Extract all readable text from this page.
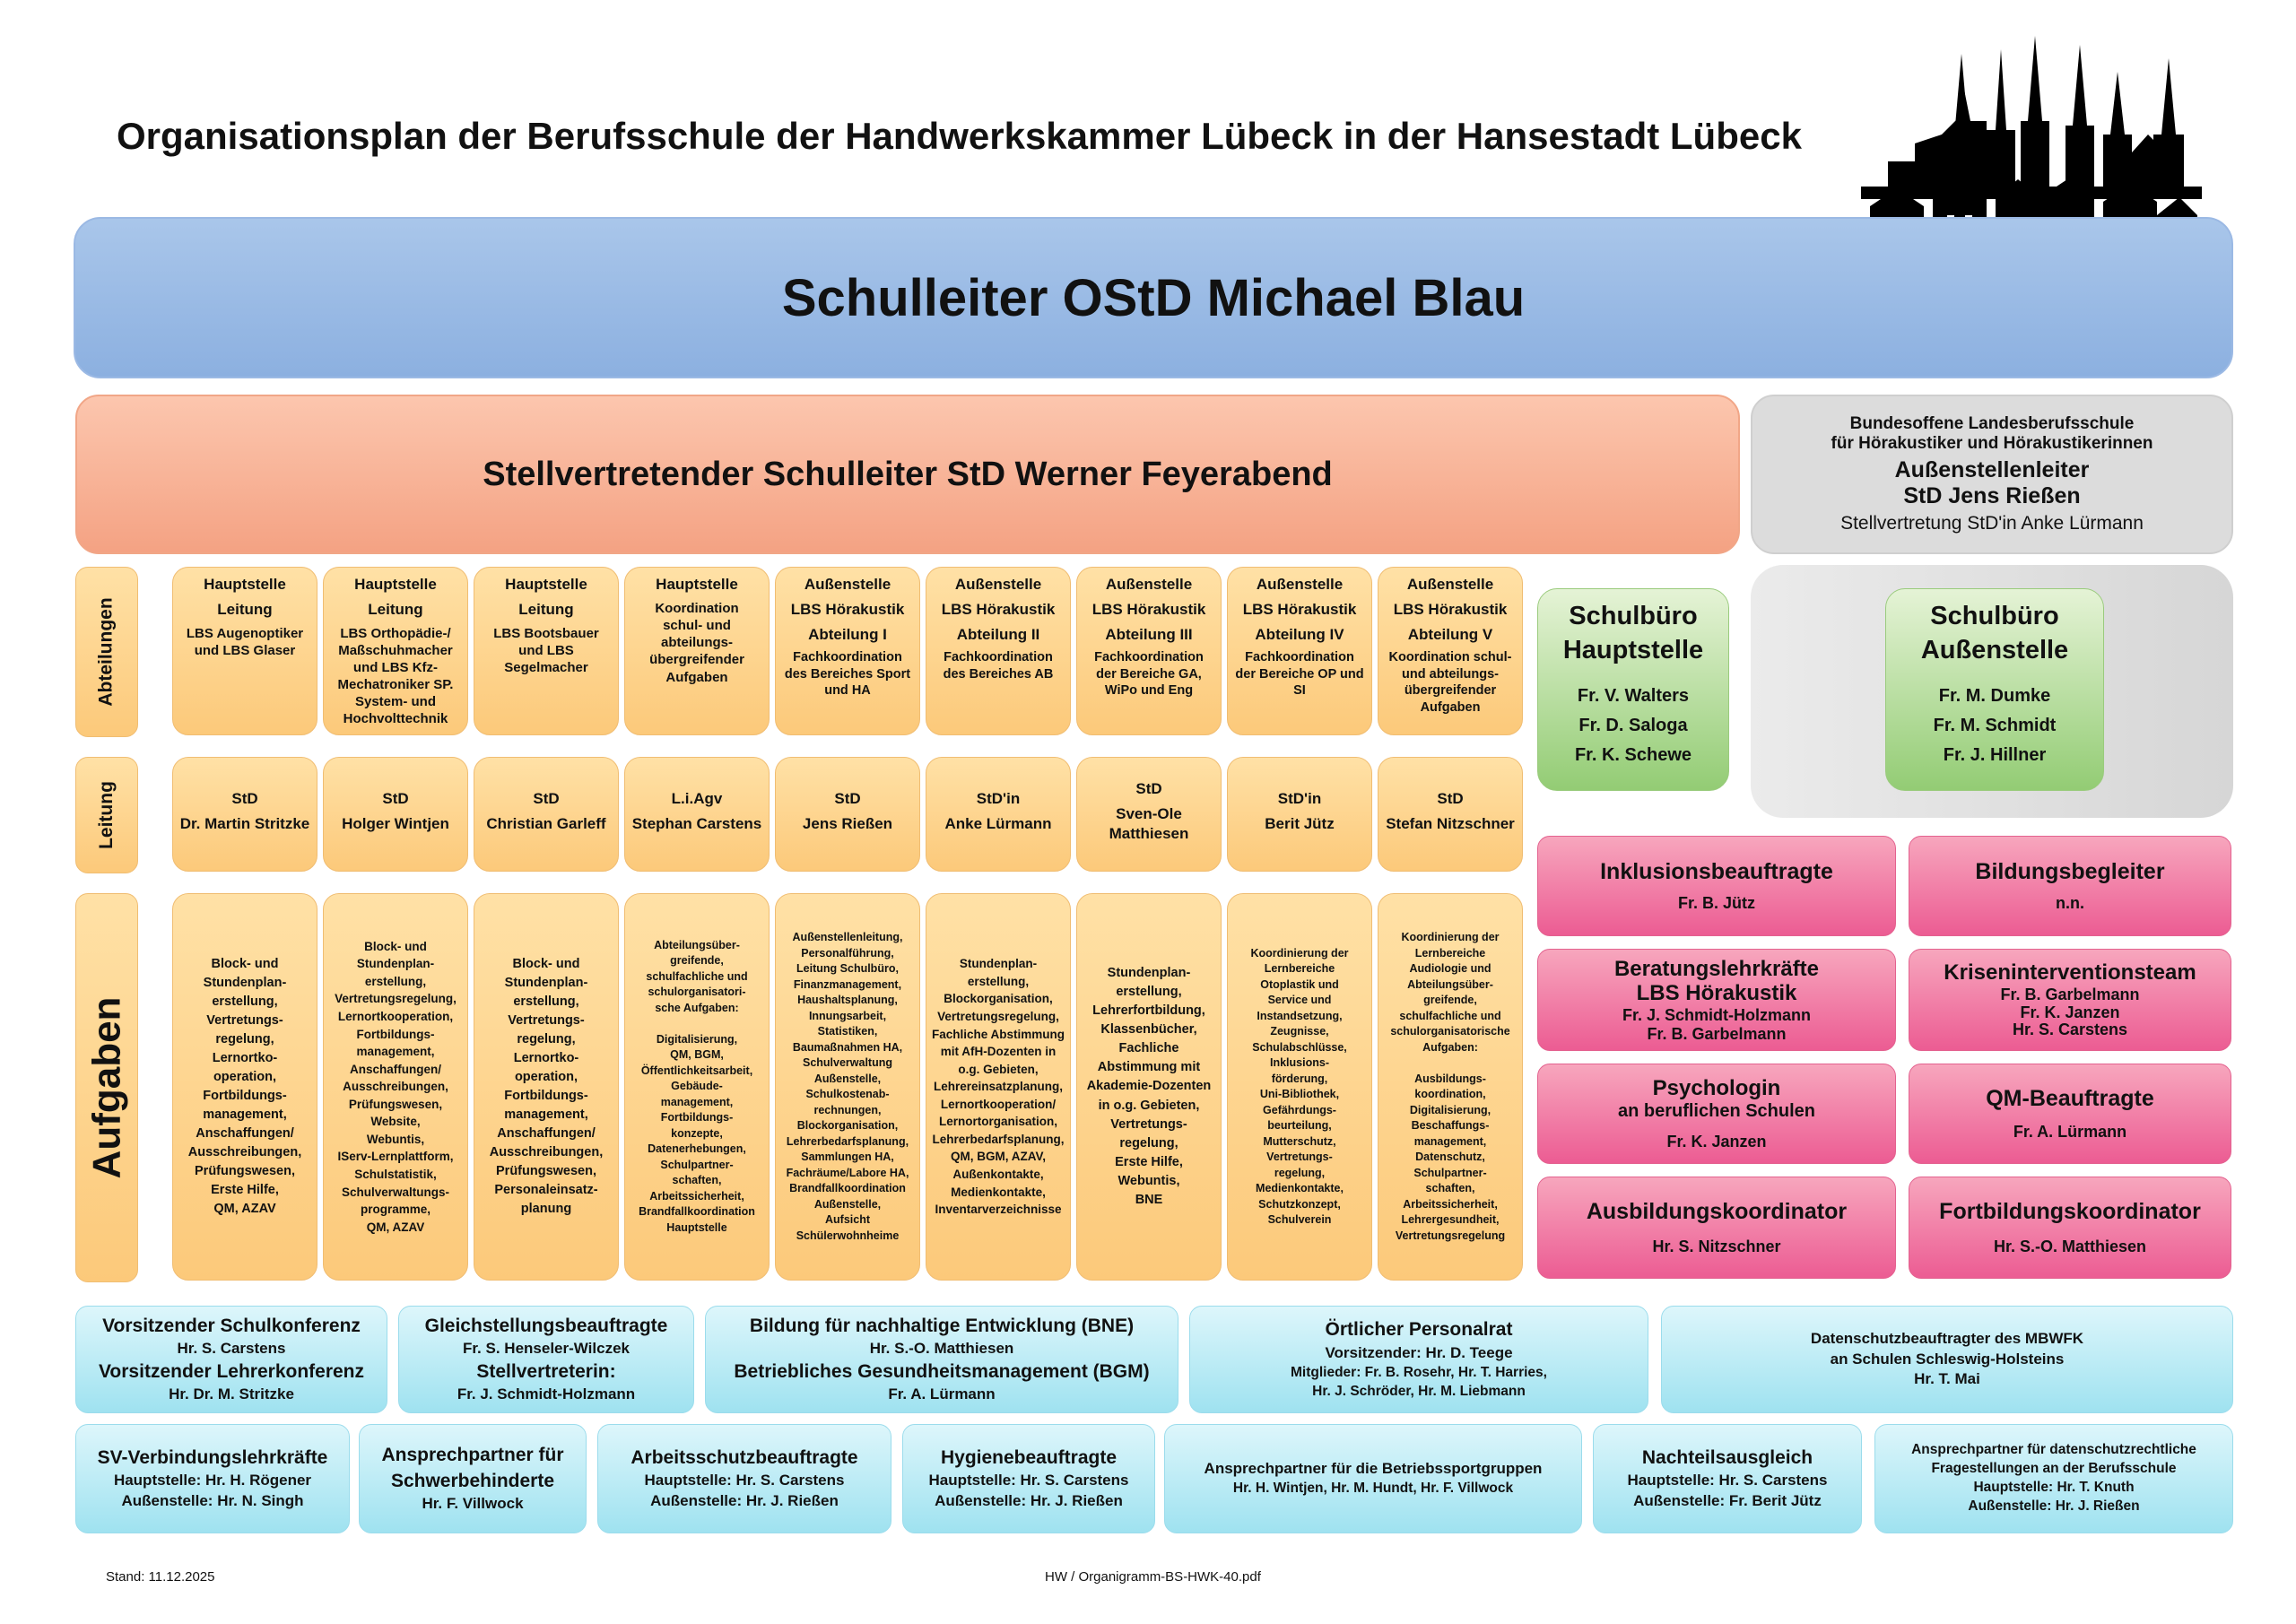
Organisationsplan der Berufsschule der Handwerkskammer Lübeck in der Hansestadt Lübeck
Schulleiter OStD Michael Blau
Stellvertretender Schulleiter StD Werner Feyerabend
Bundesoffene Landesberufsschule
für Hörakustiker und Hörakustikerinnen
Außenstellenleiter
StD Jens Rießen
Stellvertretung StD'in Anke Lürmann
Abteilungen
Leitung
Aufgaben
Hauptstelle
Leitung
LBS Augenoptiker
und LBS Glaser
StD
Dr. Martin Stritzke
Block- und
Stundenplan-
erstellung,
Vertretungs-
regelung,
Lernortko-
operation,
Fortbildungs-
management,
Anschaffungen/
Ausschreibungen,
Prüfungswesen,
Erste Hilfe,
QM, AZAV
Hauptstelle
Leitung
LBS Orthopädie-/
Maßschuhmacher
und LBS Kfz-
Mechatroniker SP.
System- und
Hochvolttechnik
StD
Holger Wintjen
Block- und
Stundenplan-
erstellung,
Vertretungsregelung,
Lernortkooperation,
Fortbildungs-
management,
Anschaffungen/
Ausschreibungen,
Prüfungswesen,
Website,
Webuntis,
IServ-Lernplattform,
Schulstatistik,
Schulverwaltungs-
programme,
QM, AZAV
Hauptstelle
Leitung
LBS Bootsbauer
und LBS
Segelmacher
StD
Christian Garleff
Block- und
Stundenplan-
erstellung,
Vertretungs-
regelung,
Lernortko-
operation,
Fortbildungs-
management,
Anschaffungen/
Ausschreibungen,
Prüfungswesen,
Personaleinsatz-
planung
Hauptstelle
Koordination
schul- und
abteilungs-
übergreifender
Aufgaben
L.i.Agv
Stephan Carstens
Abteilungsüber-
greifende,
schulfachliche und
schulorganisatori-
sche Aufgaben:

Digitalisierung,
QM, BGM,
Öffentlichkeitsarbeit,
Gebäude-
management,
Fortbildungs-
konzepte,
Datenerhebungen,
Schulpartner-
schaften,
Arbeitssicherheit,
Brandfallkoordination
Hauptstelle
Außenstelle
LBS Hörakustik
Abteilung I
Fachkoordination
des Bereiches Sport
und HA
StD
Jens Rießen
Außenstellenleitung,
Personalführung,
Leitung Schulbüro,
Finanzmanagement,
Haushaltsplanung,
Innungsarbeit,
Statistiken,
Baumaßnahmen HA,
Schulverwaltung
Außenstelle,
Schulkostenab-
rechnungen,
Blockorganisation,
Lehrerbedarfsplanung,
Sammlungen HA,
Fachräume/Labore HA,
Brandfallkoordination
Außenstelle,
Aufsicht
Schülerwohnheime
Außenstelle
LBS Hörakustik
Abteilung II
Fachkoordination
des Bereiches AB
StD'in
Anke Lürmann
Stundenplan-
erstellung,
Blockorganisation,
Vertretungsregelung,
Fachliche Abstimmung
mit AfH-Dozenten in
o.g. Gebieten,
Lehrereinsatzplanung,
Lernortkooperation/
Lernortorganisation,
Lehrerbedarfsplanung,
QM, BGM, AZAV,
Außenkontakte,
Medienkontakte,
Inventarverzeichnisse
Außenstelle
LBS Hörakustik
Abteilung III
Fachkoordination
der Bereiche GA,
WiPo und Eng
StD
Sven-Ole
Matthiesen
Stundenplan-
erstellung,
Lehrerfortbildung,
Klassenbücher,
Fachliche
Abstimmung mit
Akademie-Dozenten
in o.g. Gebieten,
Vertretungs-
regelung,
Erste Hilfe,
Webuntis,
BNE
Außenstelle
LBS Hörakustik
Abteilung IV
Fachkoordination
der Bereiche OP und
SI
StD'in
Berit Jütz
Koordinierung der
Lernbereiche
Otoplastik und
Service und
Instandsetzung,
Zeugnisse,
Schulabschlüsse,
Inklusions-
förderung,
Uni-Bibliothek,
Gefährdungs-
beurteilung,
Mutterschutz,
Vertretungs-
regelung,
Medienkontakte,
Schutzkonzept,
Schulverein
Außenstelle
LBS Hörakustik
Abteilung V
Koordination schul-
und abteilungs-
übergreifender
Aufgaben
StD
Stefan Nitzschner
Koordinierung der
Lernbereiche
Audiologie und
Abteilungsüber-
greifende,
schulfachliche und
schulorganisatorische
Aufgaben:

Ausbildungs-
koordination,
Digitalisierung,
Beschaffungs-
management,
Datenschutz,
Schulpartner-
schaften,
Arbeitssicherheit,
Lehrergesundheit,
Vertretungsregelung
Schulbüro
Hauptstelle
Fr. V. Walters
Fr. D. Saloga
Fr. K. Schewe
Schulbüro
Außenstelle
Fr. M. Dumke
Fr. M. Schmidt
Fr. J. Hillner
Inklusionsbeauftragte
Fr. B. Jütz
Bildungsbegleiter
n.n.
Beratungslehrkräfte
LBS Hörakustik
Fr. J. Schmidt-Holzmann
Fr. B. Garbelmann
Kriseninterventionsteam
Fr. B. Garbelmann
Fr. K. Janzen
Hr. S. Carstens
Psychologin
an beruflichen Schulen
Fr. K. Janzen
QM-Beauftragte
Fr. A. Lürmann
Ausbildungskoordinator
Hr. S. Nitzschner
Fortbildungskoordinator
Hr. S.-O. Matthiesen
Vorsitzender Schulkonferenz
Hr. S. Carstens
Vorsitzender Lehrerkonferenz
Hr. Dr. M. Stritzke
Gleichstellungsbeauftragte
Fr. S. Henseler-Wilczek
Stellvertreterin:
Fr. J. Schmidt-Holzmann
Bildung für nachhaltige Entwicklung (BNE)
Hr. S.-O. Matthiesen
Betriebliches Gesundheitsmanagement (BGM)
Fr. A. Lürmann
Örtlicher Personalrat
Vorsitzender: Hr. D. Teege
Mitglieder: Fr. B. Rosehr, Hr. T. Harries,
Hr. J. Schröder, Hr. M. Liebmann
Datenschutzbeauftragter des MBWFK
an Schulen Schleswig-Holsteins
Hr. T. Mai
SV-Verbindungslehrkräfte
Hauptstelle: Hr. H. Rögener
Außenstelle: Hr. N. Singh
Ansprechpartner für
Schwerbehinderte
Hr. F. Villwock
Arbeitsschutzbeauftragte
Hauptstelle: Hr. S. Carstens
Außenstelle: Hr. J. Rießen
Hygienebeauftragte
Hauptstelle: Hr. S. Carstens
Außenstelle: Hr. J. Rießen
Ansprechpartner für die Betriebssportgruppen
Hr. H. Wintjen, Hr. M. Hundt, Hr. F. Villwock
Nachteilsausgleich
Hauptstelle: Hr. S. Carstens
Außenstelle: Fr. Berit Jütz
Ansprechpartner für datenschutzrechtliche
Fragestellungen an der Berufsschule
Hauptstelle: Hr. T. Knuth
Außenstelle: Hr. J. Rießen
Stand: 11.12.2025	HW / Organigramm-BS-HWK-40.pdf
